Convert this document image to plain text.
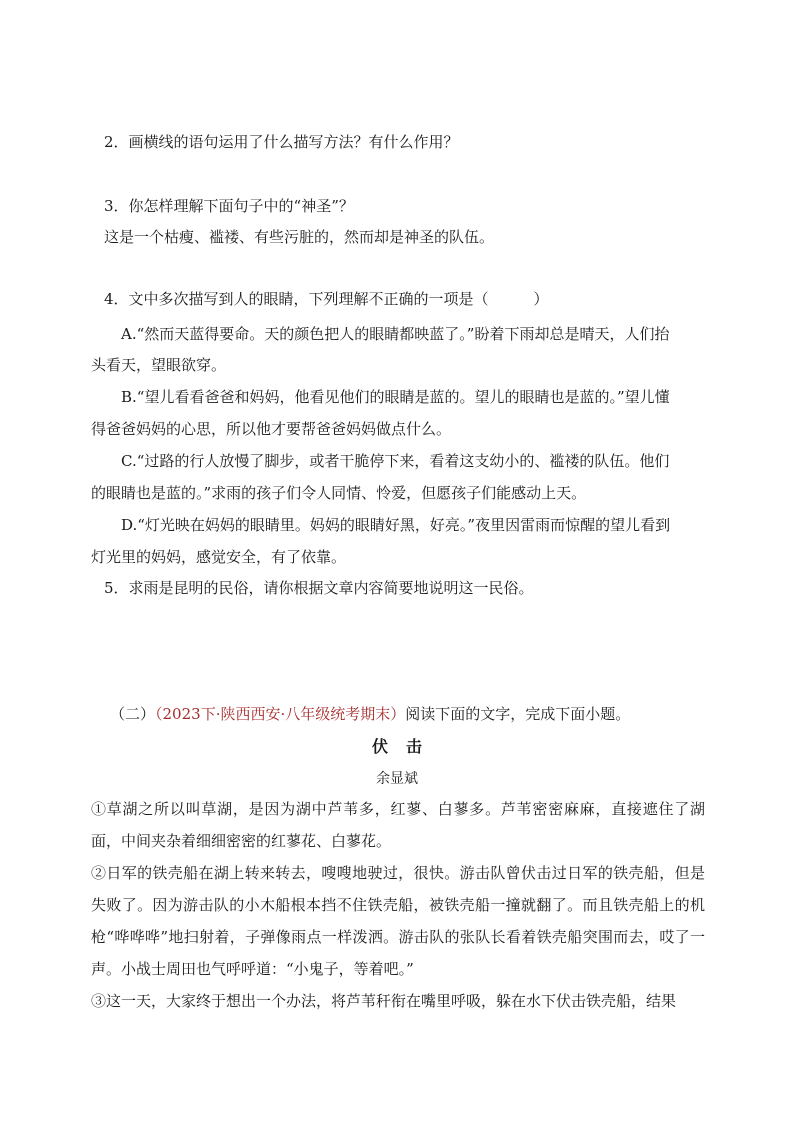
2．画横线的语句运用了什么描写方法？有什么作用？
3．你怎样理解下面句子中的“神圣”？
这是一个枯瘦、褴褛、有些污脏的，然而却是神圣的队伍。
4．文中多次描写到人的眼睛，下列理解不正确的一项是（　　　）
A.“然而天蓝得要命。天的颜色把人的眼睛都映蓝了。”盼着下雨却总是晴天，人们抬
头看天，望眼欲穿。
B.“望儿看看爸爸和妈妈，他看见他们的眼睛是蓝的。望儿的眼睛也是蓝的。”望儿懂
得爸爸妈妈的心思，所以他才要帮爸爸妈妈做点什么。
C.“过路的行人放慢了脚步，或者干脆停下来，看着这支幼小的、褴褛的队伍。他们
的眼睛也是蓝的。”求雨的孩子们令人同情、怜爱，但愿孩子们能感动上天。
D.“灯光映在妈妈的眼睛里。妈妈的眼睛好黑，好亮。”夜里因雷雨而惊醒的望儿看到
灯光里的妈妈，感觉安全，有了依靠。
5．求雨是昆明的民俗，请你根据文章内容简要地说明这一民俗。
（二）（2023下·陕西西安·八年级统考期末）阅读下面的文字，完成下面小题。
伏击
余显斌

①草湖之所以叫草湖，是因为湖中芦苇多，红蓼、白蓼多。芦苇密密麻麻，直接遮住了湖面，中间夹杂着细细密密的红蓼花、白蓼花。

②日军的铁壳船在湖上转来转去，嗖嗖地驶过，很快。游击队曾伏击过日军的铁壳船，但是失败了。因为游击队的小木船根本挡不住铁壳船，被铁壳船一撞就翻了。而且铁壳船上的机枪“哗哗哗”地扫射着，子弹像雨点一样泼洒。游击队的张队长看着铁壳船突围而去，哎了一声。小战士周田也气呼呼道：“小鬼子，等着吧。”

③这一天，大家终于想出一个办法，将芦苇秆衔在嘴里呼吸，躲在水下伏击铁壳船，结果
